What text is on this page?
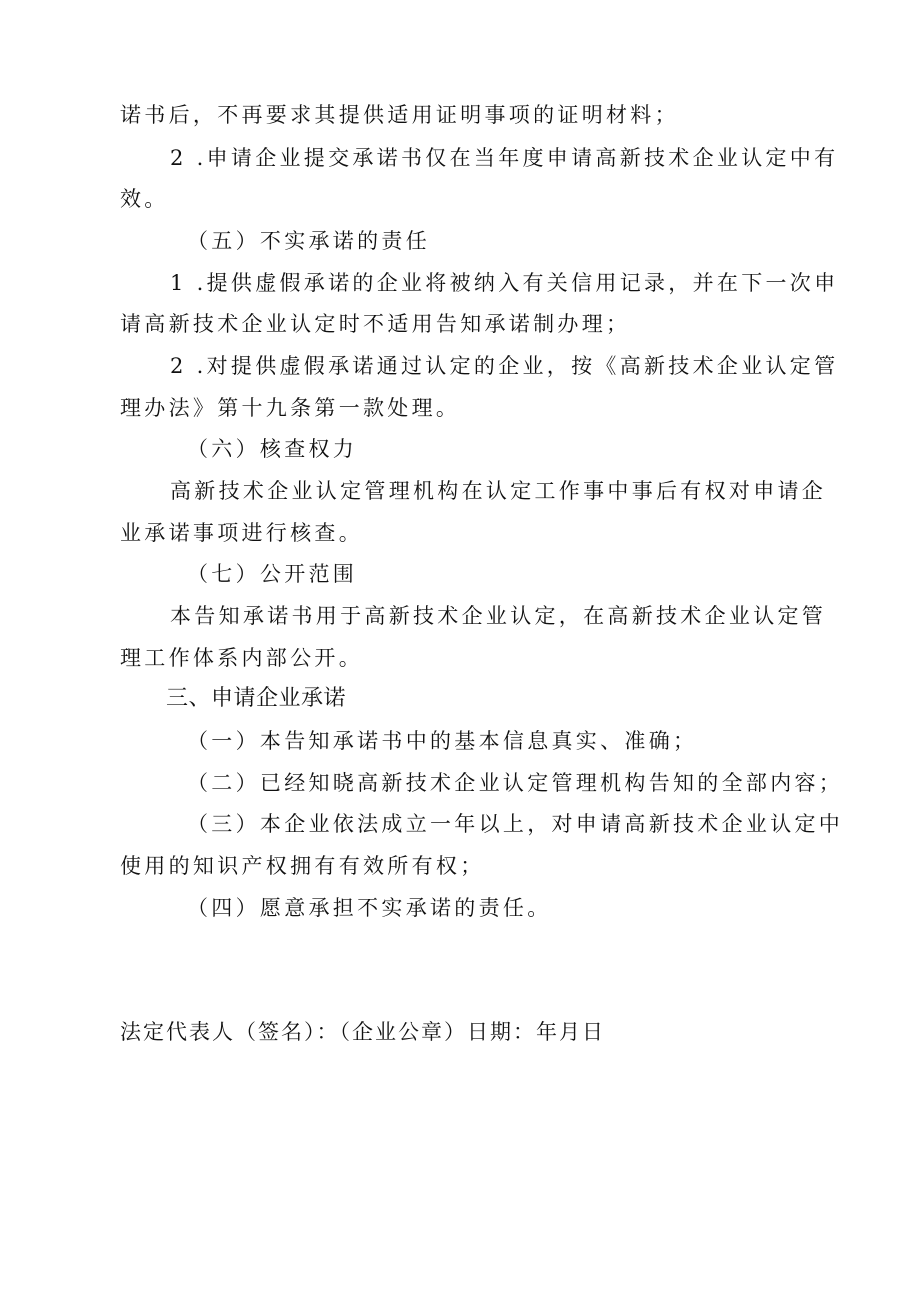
诺书后，不再要求其提供适用证明事项的证明材料；
2 .申请企业提交承诺书仅在当年度申请高新技术企业认定中有
效。
（五）不实承诺的责任
1 .提供虚假承诺的企业将被纳入有关信用记录，并在下一次申
请高新技术企业认定时不适用告知承诺制办理；
2 .对提供虚假承诺通过认定的企业，按《高新技术企业认定管
理办法》第十九条第一款处理。
（六）核查权力
高新技术企业认定管理机构在认定工作事中事后有权对申请企
业承诺事项进行核查。
（七）公开范围
本告知承诺书用于高新技术企业认定，在高新技术企业认定管
理工作体系内部公开。
三、申请企业承诺
（一）本告知承诺书中的基本信息真实、准确；
（二）已经知晓高新技术企业认定管理机构告知的全部内容；
（三）本企业依法成立一年以上，对申请高新技术企业认定中
使用的知识产权拥有有效所有权；
（四）愿意承担不实承诺的责任。
法定代表人（签名）：（企业公章）日期：年月日
